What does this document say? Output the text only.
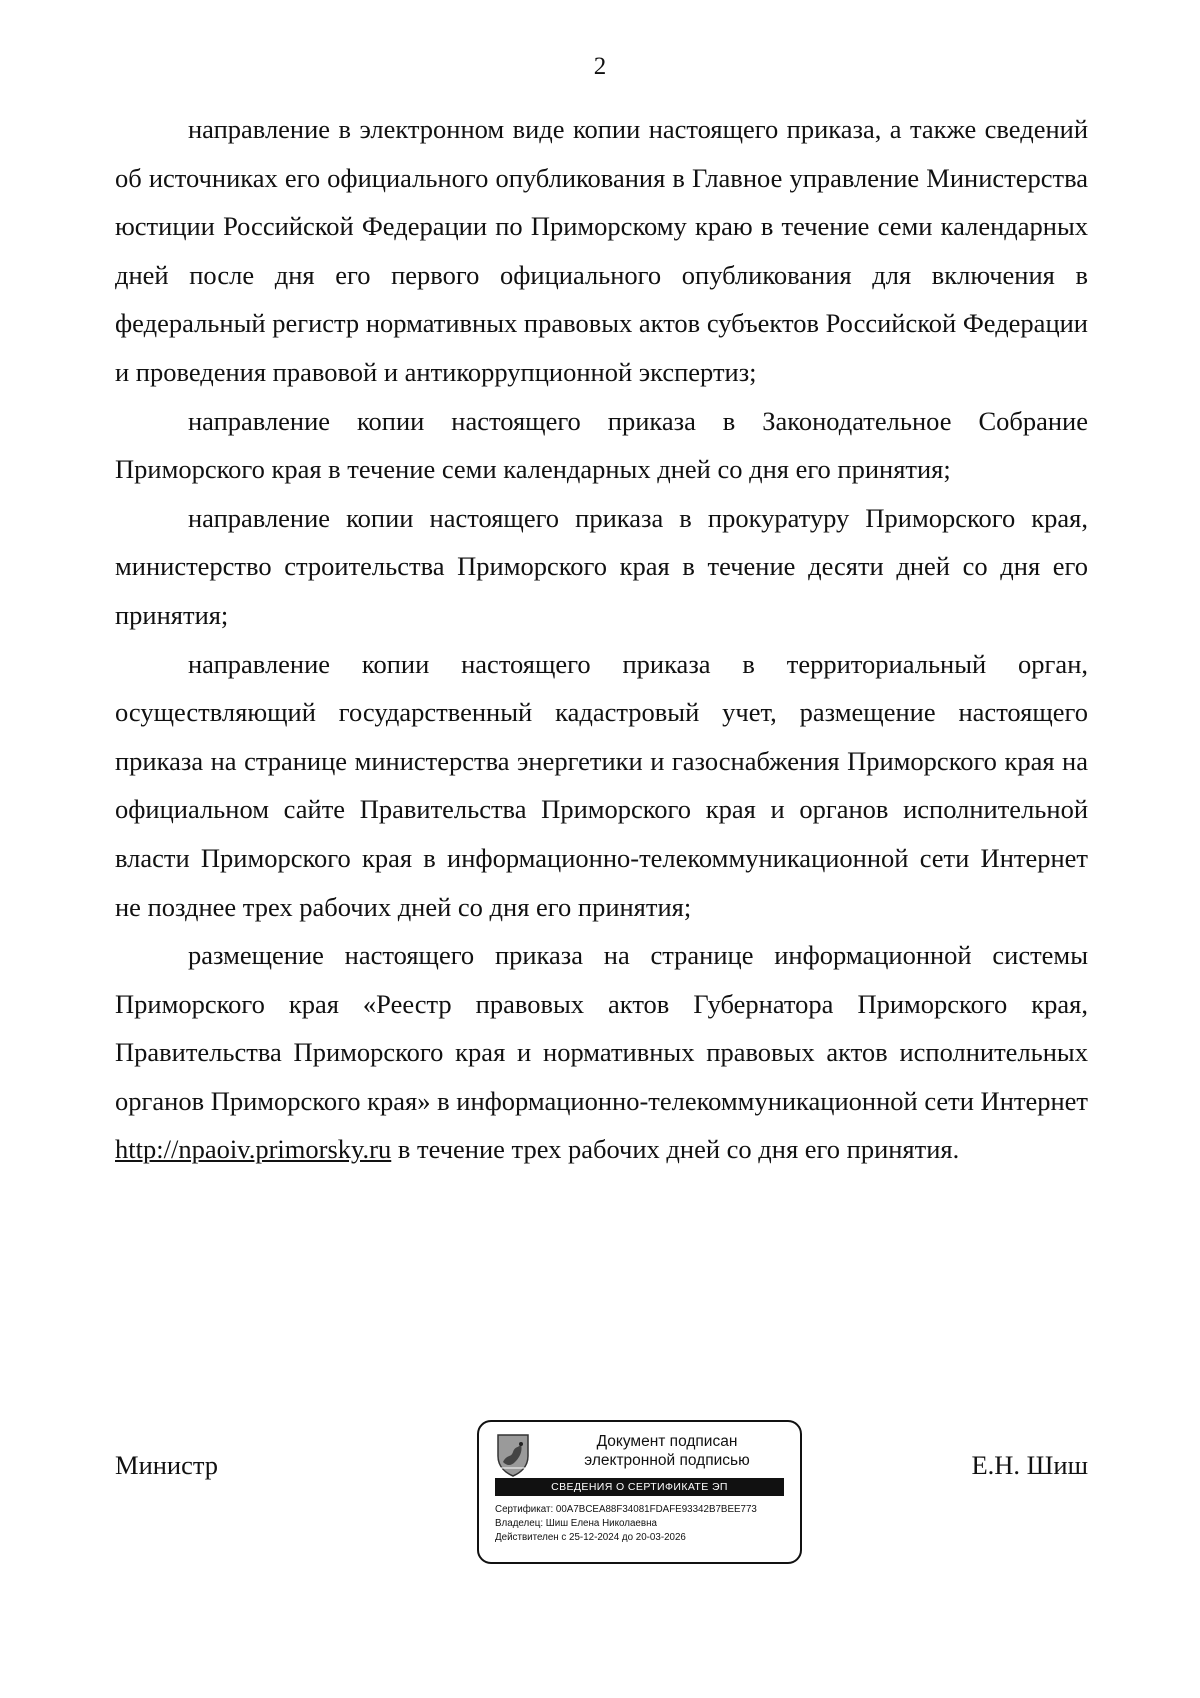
2

направление в электронном виде копии настоящего приказа, а также сведений об источниках его официального опубликования в Главное управление Министерства юстиции Российской Федерации по Приморскому краю в течение семи календарных дней после дня его первого официального опубликования для включения в федеральный регистр нормативных правовых актов субъектов Российской Федерации и проведения правовой и антикоррупционной экспертиз;

направление копии настоящего приказа в Законодательное Собрание Приморского края в течение семи календарных дней со дня его принятия;

направление копии настоящего приказа в прокуратуру Приморского края, министерство строительства Приморского края в течение десяти дней со дня его принятия;

направление копии настоящего приказа в территориальный орган, осуществляющий государственный кадастровый учет, размещение настоящего приказа на странице министерства энергетики и газоснабжения Приморского края на официальном сайте Правительства Приморского края и органов исполнительной власти Приморского края в информационно-телекоммуникационной сети Интернет не позднее трех рабочих дней со дня его принятия;

размещение настоящего приказа на странице информационной системы Приморского края «Реестр правовых актов Губернатора Приморского края, Правительства Приморского края и нормативных правовых актов исполнительных органов Приморского края» в информационно-телекоммуникационной сети Интернет http://npaoiv.primorsky.ru в течение трех рабочих дней со дня его принятия.

Министр
Документ подписан
электронной подписью
СВЕДЕНИЯ О СЕРТИФИКАТЕ ЭП
Сертификат: 00A7BCEA88F34081FDAFE93342B7BEE773
Владелец: Шиш Елена Николаевна
Действителен с 25-12-2024 до 20-03-2026
Е.Н. Шиш
